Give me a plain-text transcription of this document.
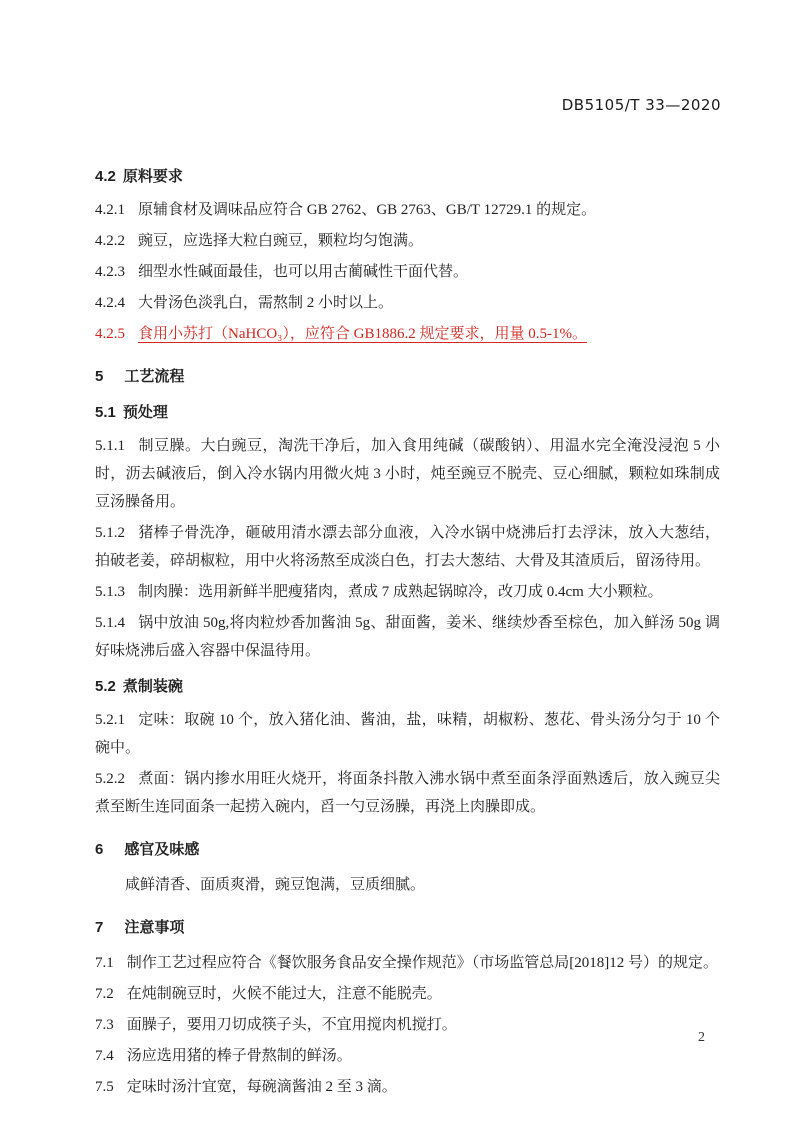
DB5105/T 33—2020
4.2 原料要求
4.2.1 原辅食材及调味品应符合 GB 2762、GB 2763、GB/T 12729.1 的规定。
4.2.2 豌豆，应选择大粒白豌豆，颗粒均匀饱满。
4.2.3 细型水性碱面最佳，也可以用古蔺碱性干面代替。
4.2.4 大骨汤色淡乳白，需熬制 2 小时以上。
4.2.5 食用小苏打（NaHCO₃），应符合 GB1886.2 规定要求，用量 0.5-1%。
5 工艺流程
5.1 预处理
5.1.1 制豆臊。大白豌豆，淘洗干净后，加入食用纯碱（碳酸钠）、用温水完全淹没浸泡 5 小时，沥去碱液后，倒入冷水锅内用微火炖 3 小时，炖至豌豆不脱壳、豆心细腻，颗粒如珠制成豆汤臊备用。
5.1.2 猪棒子骨洗净，砸破用清水漂去部分血液，入冷水锅中烧沸后打去浮沫，放入大葱结，拍破老姜，碎胡椒粒，用中火将汤熬至成淡白色，打去大葱结、大骨及其渣质后，留汤待用。
5.1.3 制肉臊：选用新鲜半肥瘦猪肉，煮成 7 成熟起锅晾冷，改刀成 0.4cm 大小颗粒。
5.1.4 锅中放油 50g,将肉粒炒香加酱油 5g、甜面酱，姜米、继续炒香至棕色，加入鲜汤 50g 调好味烧沸后盛入容器中保温待用。
5.2 煮制装碗
5.2.1 定味：取碗 10 个，放入猪化油、酱油，盐，味精，胡椒粉、葱花、骨头汤分匀于 10 个碗中。
5.2.2 煮面：锅内掺水用旺火烧开，将面条抖散入沸水锅中煮至面条浮面熟透后，放入豌豆尖煮至断生连同面条一起捞入碗内，舀一勺豆汤臊，再浇上肉臊即成。
6 感官及味感
咸鲜清香、面质爽滑，豌豆饱满，豆质细腻。
7 注意事项
7.1 制作工艺过程应符合《餐饮服务食品安全操作规范》（市场监管总局[2018]12 号）的规定。
7.2 在炖制碗豆时，火候不能过大，注意不能脱壳。
7.3 面臊子，要用刀切成筷子头，不宜用搅肉机搅打。
7.4 汤应选用猪的棒子骨熬制的鲜汤。
7.5 定味时汤汁宜宽，每碗滴酱油 2 至 3 滴。
2
